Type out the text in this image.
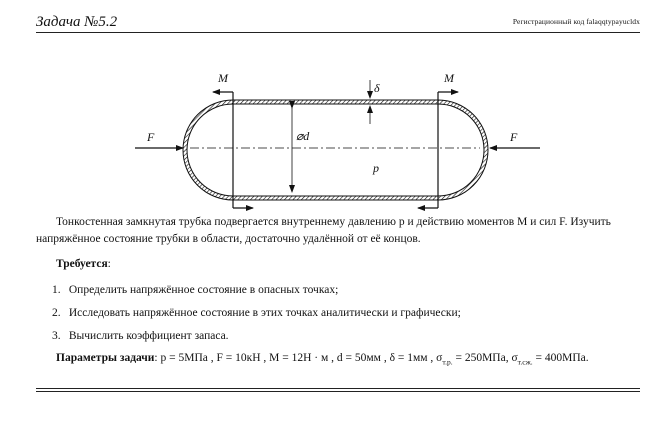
Задача №5.2	Регистрационный код falaqqtypayucldx
M	M
F	F
δ
⌀d
p
Тонкостенная замкнутая трубка подвергается внутреннему давлению p и действию моментов M и сил F. Изучить напряжённое состояние трубки в области, достаточно удалённой от её концов.
Требуется:
1. Определить напряжённое состояние в опасных точках;
2. Исследовать напряжённое состояние в этих точках аналитически и графически;
3. Вычислить коэффициент запаса.
Параметры задачи: p = 5МПа , F = 10кН , M = 12Н · м , d = 50мм , δ = 1мм , $\sigma_{т.р.} = 250МПа$, $\sigma_{т.сж.} = 400МПа$.
